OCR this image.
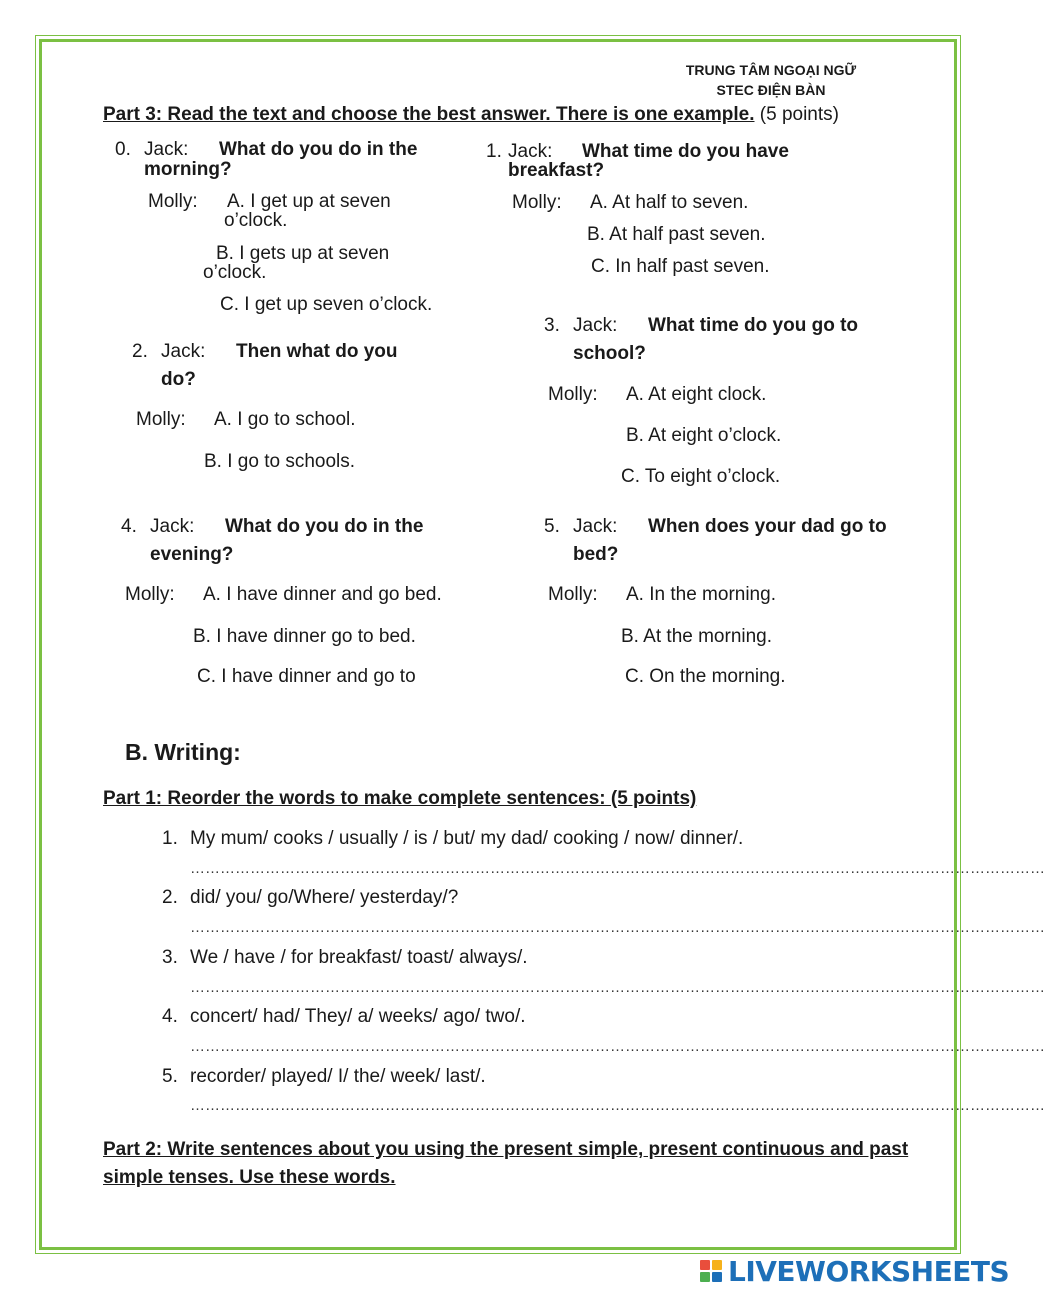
TRUNG TÂM NGOẠI NGỮ
STEC ĐIỆN BÀN
Part 3: Read the text and choose the best answer. There is one example. (5 points)
0. Jack: What do you do in the
morning?
Molly: A. I get up at seven
o’clock.
B. I gets up at seven
o’clock.
C. I get up seven o’clock.
1. Jack: What time do you have
breakfast?
Molly: A. At half to seven.
B. At half past seven.
C. In half past seven.
2. Jack: Then what do you
do?
Molly: A. I go to school.
B. I go to schools.
3. Jack: What time do you go to
school?
Molly: A. At eight clock.
B. At eight o’clock.
C. To eight o’clock.
4. Jack: What do you do in the
evening?
Molly: A. I have dinner and go bed.
B. I have dinner go to bed.
C. I have dinner and go to
5. Jack: When does your dad go to
bed?
Molly: A. In the morning.
B. At the morning.
C. On the morning.
B. Writing:
Part 1: Reorder the words to make complete sentences: (5 points)
1. My mum/ cooks / usually / is / but/ my dad/ cooking / now/ dinner/.
………………………………………………………………………………………………………………………………………………………
2. did/ you/ go/Where/ yesterday/?
………………………………………………………………………………………………………………………………………………………
3. We / have / for breakfast/ toast/ always/.
………………………………………………………………………………………………………………………………………………………
4. concert/ had/ They/ a/ weeks/ ago/ two/.
………………………………………………………………………………………………………………………………………………………
5. recorder/ played/ I/ the/ week/ last/.
………………………………………………………………………………………………………………………………………………………
Part 2: Write sentences about you using the present simple, present continuous and past
simple tenses. Use these words.
LIVEWORKSHEETS
